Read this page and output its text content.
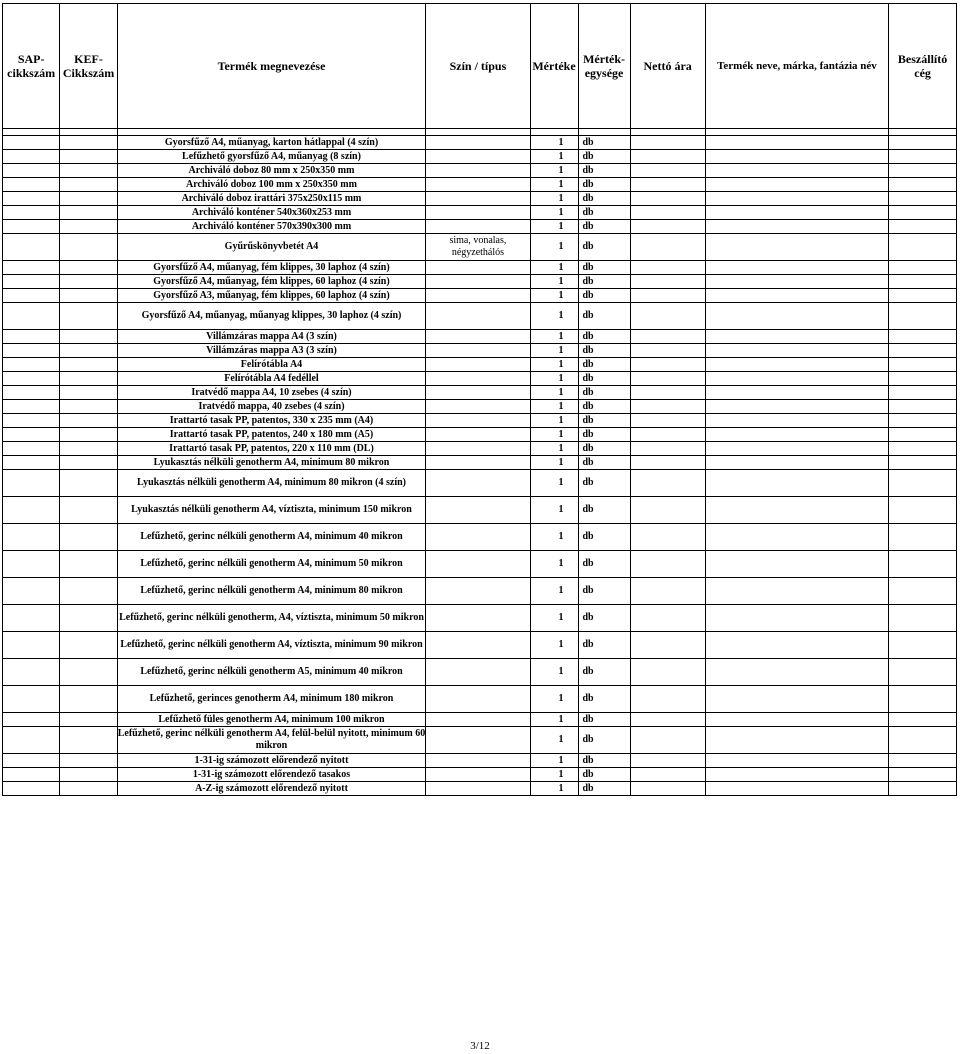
SAP-cikkszám	KEF-Cikkszám	Termék megnevezése	Szín / típus	Mértéke	Mérték-egysége	Nettó ára	Termék neve, márka, fantázia név	Beszállító cég

		Gyorsfűző A4, műanyag, karton hátlappal (4 szín)		1	db			
		Lefűzhető gyorsfűző A4, műanyag (8 szín)		1	db			
		Archiváló doboz 80 mm x 250x350 mm		1	db			
		Archiváló doboz 100 mm x 250x350 mm		1	db			
		Archiváló doboz irattári 375x250x115 mm		1	db			
		Archiváló konténer 540x360x253 mm		1	db			
		Archiváló konténer 570x390x300 mm		1	db			
		Gyűrűskönyvbetét A4	sima, vonalas, négyzethálós	1	db			
		Gyorsfűző A4, műanyag, fém klippes, 30 laphoz (4 szín)		1	db			
		Gyorsfűző A4, műanyag, fém klippes, 60 laphoz (4 szín)		1	db			
		Gyorsfűző A3, műanyag, fém klippes, 60 laphoz (4 szín)		1	db			
		Gyorsfűző A4, műanyag, műanyag klippes, 30 laphoz (4 szín)		1	db			
		Villámzáras mappa A4 (3 szín)		1	db			
		Villámzáras mappa A3 (3 szín)		1	db			
		Felírótábla A4		1	db			
		Felírótábla A4 fedéllel		1	db			
		Iratvédő mappa A4, 10 zsebes (4 szín)		1	db			
		Iratvédő mappa, 40 zsebes (4 szín)		1	db			
		Irattartó tasak PP, patentos, 330 x 235 mm (A4)		1	db			
		Irattartó tasak PP, patentos, 240 x 180 mm (A5)		1	db			
		Irattartó tasak PP, patentos, 220 x 110 mm (DL)		1	db			
		Lyukasztás nélküli genotherm A4, minimum 80 mikron		1	db			
		Lyukasztás nélküli genotherm A4, minimum 80 mikron (4 szín)		1	db			
		Lyukasztás nélküli genotherm A4, víztiszta, minimum 150 mikron		1	db			
		Lefűzhető, gerinc nélküli genotherm A4, minimum 40 mikron		1	db			
		Lefűzhető, gerinc nélküli genotherm A4, minimum 50 mikron		1	db			
		Lefűzhető, gerinc nélküli genotherm A4, minimum 80 mikron		1	db			
		Lefűzhető, gerinc nélküli genotherm, A4, víztiszta, minimum 50 mikron		1	db			
		Lefűzhető, gerinc nélküli genotherm A4, víztiszta, minimum 90 mikron		1	db			
		Lefűzhető, gerinc nélküli genotherm A5, minimum 40 mikron		1	db			
		Lefűzhető, gerinces genotherm A4, minimum 180 mikron		1	db			
		Lefűzhető füles genotherm A4, minimum 100 mikron		1	db			
		Lefűzhető, gerinc nélküli genotherm A4, felül-belül nyitott, minimum 60 mikron		1	db			
		1-31-ig számozott előrendező nyitott		1	db			
		1-31-ig számozott előrendező tasakos		1	db			
		A-Z-ig számozott előrendező nyitott		1	db			
3/12
